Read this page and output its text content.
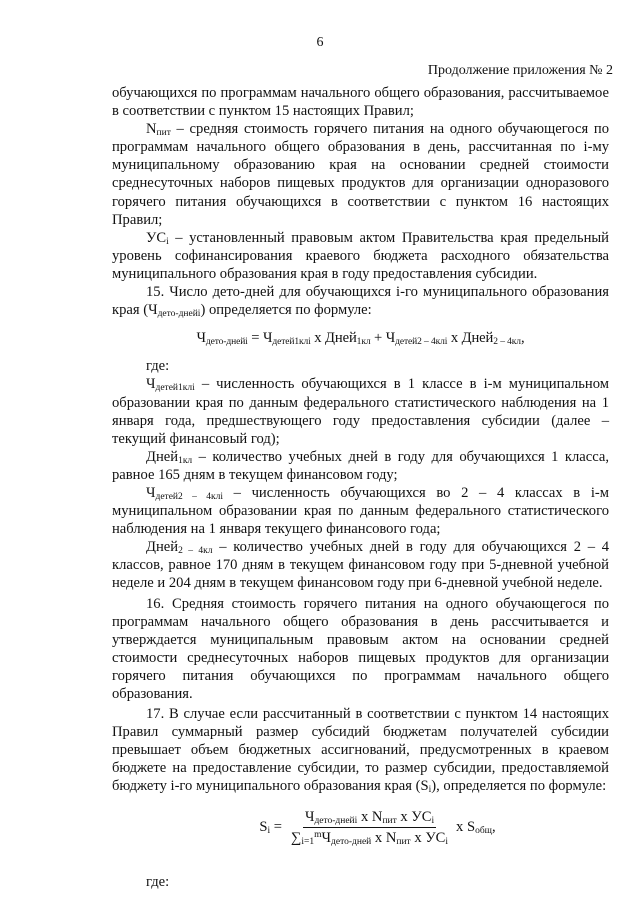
6
Продолжение приложения № 2

обучающихся по программам начального общего образования, рассчитываемое в соответствии с пунктом 15 настоящих Правил;

$N_{пит}$ – средняя стоимость горячего питания на одного обучающегося по программам начального общего образования в день, рассчитанная по i-му муниципальному образованию края на основании средней стоимости среднесуточных наборов пищевых продуктов для организации одноразового горячего питания обучающихся в соответствии с пунктом 16 настоящих Правил;

$УС_i$ – установленный правовым актом Правительства края предельный уровень софинансирования краевого бюджета расходного обязательства муниципального образования края в году предоставления субсидии.

15. Число дето-дней для обучающихся i-го муниципального образования края $(Ч_{дето-днейi})$ определяется по формуле:

$Ч_{дето-днейi} = Ч_{детей1клi}$ х Дней$_{1кл}$ + $Ч_{детей2 - 4клi}$ х Дней$_{2 - 4кл}$,

где:

$Ч_{детей1клi}$ – численность обучающихся в 1 классе в i-м муниципальном образовании края по данным федерального статистического наблюдения на 1 января года, предшествующего году предоставления субсидии (далее – текущий финансовый год);

Дней$_{1кл}$ – количество учебных дней в году для обучающихся 1 класса, равное 165 дням в текущем финансовом году;

$Ч_{детей2 - 4клi}$ – численность обучающихся во 2 – 4 классах в i-м муниципальном образовании края по данным федерального статистического наблюдения на 1 января текущего финансового года;

Дней$_{2 - 4кл}$ – количество учебных дней в году для обучающихся 2 – 4 классов, равное 170 дням в текущем финансовом году при 5-дневной учебной неделе и 204 дням в текущем финансовом году при 6-дневной учебной неделе.

16. Средняя стоимость горячего питания на одного обучающегося по программам начального общего образования в день рассчитывается и утверждается муниципальным правовым актом на основании средней стоимости среднесуточных наборов пищевых продуктов для организации горячего питания обучающихся по программам начального общего образования.

17. В случае если рассчитанный в соответствии с пунктом 14 настоящих Правил суммарный размер субсидий бюджетам получателей субсидии превышает объем бюджетных ассигнований, предусмотренных в краевом бюджете на предоставление субсидии, то размер субсидии, предоставляемой бюджету i-го муниципального образования края $(S_i)$, определяется по формуле:

$S_i = \frac{Ч_{дето-днейi} х N_{пит} х УС_i}{\sum_{i=1}^mЧ_{дето-дней} х N_{пит} х УС_i}$ х $S_{общ}$,

где:
